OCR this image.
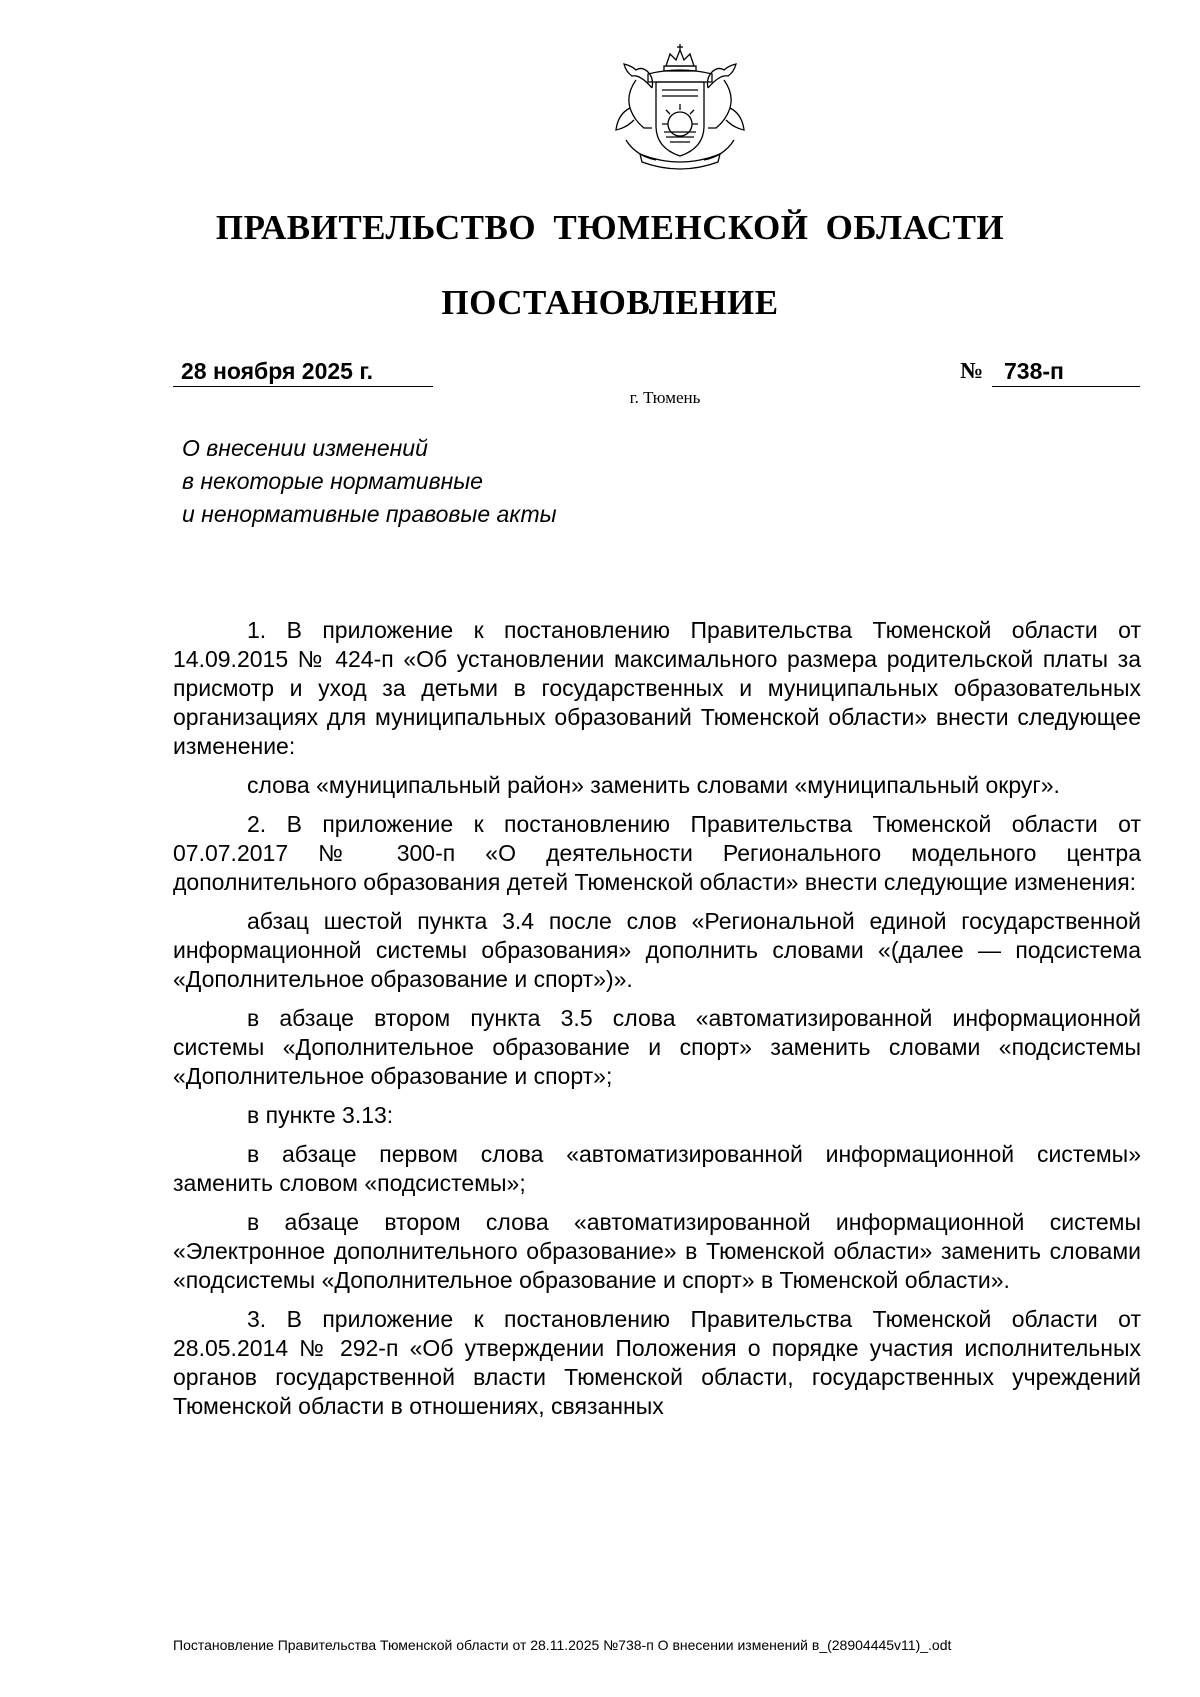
ПРАВИТЕЛЬСТВО ТЮМЕНСКОЙ ОБЛАСТИ
ПОСТАНОВЛЕНИЕ
28 ноября 2025 г.	№ 738-п
г. Тюмень
О внесении изменений
в некоторые нормативные
и ненормативные правовые акты

1. В приложение к постановлению Правительства Тюменской области от 14.09.2015 № 424-п «Об установлении максимального размера родительской платы за присмотр и уход за детьми в государственных и муниципальных образовательных организациях для муниципальных образований Тюменской области» внести следующее изменение:

слова «муниципальный район» заменить словами «муниципальный округ».

2. В приложение к постановлению Правительства Тюменской области от 07.07.2017 № 300-п «О деятельности Регионального модельного центра дополнительного образования детей Тюменской области» внести следующие изменения:

абзац шестой пункта 3.4 после слов «Региональной единой государственной информационной системы образования» дополнить словами «(далее — подсистема «Дополнительное образование и спорт»)».

в абзаце втором пункта 3.5 слова «автоматизированной информационной системы «Дополнительное образование и спорт» заменить словами «подсистемы «Дополнительное образование и спорт»;

в пункте 3.13:

в абзаце первом слова «автоматизированной информационной системы» заменить словом «подсистемы»;

в абзаце втором слова «автоматизированной информационной системы «Электронное дополнительного образование» в Тюменской области» заменить словами «подсистемы «Дополнительное образование и спорт» в Тюменской области».

3. В приложение к постановлению Правительства Тюменской области от 28.05.2014 № 292-п «Об утверждении Положения о порядке участия исполнительных органов государственной власти Тюменской области, государственных учреждений Тюменской области в отношениях, связанных

Постановление Правительства Тюменской области от 28.11.2025 №738-п О внесении изменений в_(28904445v11)_.odt
